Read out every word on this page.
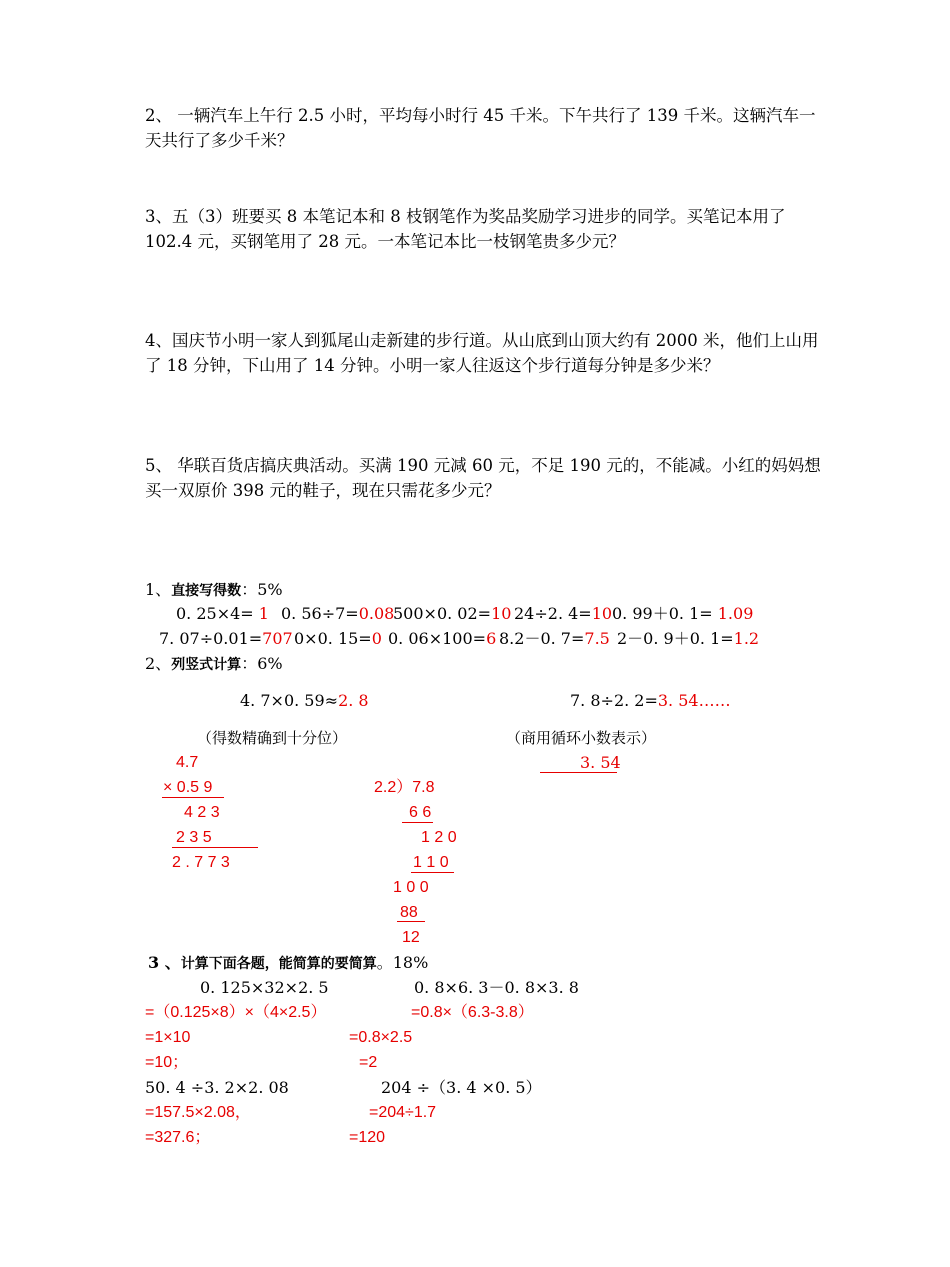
2、 一辆汽车上午行 2.5 小时，平均每小时行 45 千米。下午共行了 139 千米。这辆汽车一天共行了多少千米？
3、五（3）班要买 8 本笔记本和 8 枝钢笔作为奖品奖励学习进步的同学。买笔记本用了 102.4 元，买钢笔用了 28 元。一本笔记本比一枝钢笔贵多少元？
4、国庆节小明一家人到狐尾山走新建的步行道。从山底到山顶大约有 2000 米，他们上山用了 18 分钟，下山用了 14 分钟。小明一家人往返这个步行道每分钟是多少米？
5、 华联百货店搞庆典活动。买满 190 元减 60 元，不足 190 元的，不能减。小红的妈妈想买一双原价 398 元的鞋子，现在只需花多少元？
1、直接写得数：5%
0. 25×4= 1 0. 56÷7=0.08
500×0. 02=10 24÷2. 4=10 0. 99＋0. 1= 1.09
7. 07÷0.01=707 0×0. 15=0 0. 06×100=6 8.2－0. 7=7.5 2－0. 9＋0. 1=1.2
2、列竖式计算：6%
4. 7×0. 59≈2. 8	7. 8÷2. 2=3. 54……
（得数精确到十分位）	（商用循环小数表示）
4.7
× 0.5 9
4 2 3
2 3 5
2 . 7 7 3
3. 54
2.2）7.8
6 6
1 2 0
1 1 0
1 0 0
88
12
3 、计算下面各题，能简算的要简算。18%
0. 125×32×2. 5	0. 8×6. 3－0. 8×3. 8
=（0.125×8）×（4×2.5）	=0.8×（6.3-3.8）
=1×10	=0.8×2.5
=10；	=2
50. 4 ÷3. 2×2. 08	204 ÷（3. 4 ×0. 5）
=157.5×2.08，	=204÷1.7
=327.6；	=120
